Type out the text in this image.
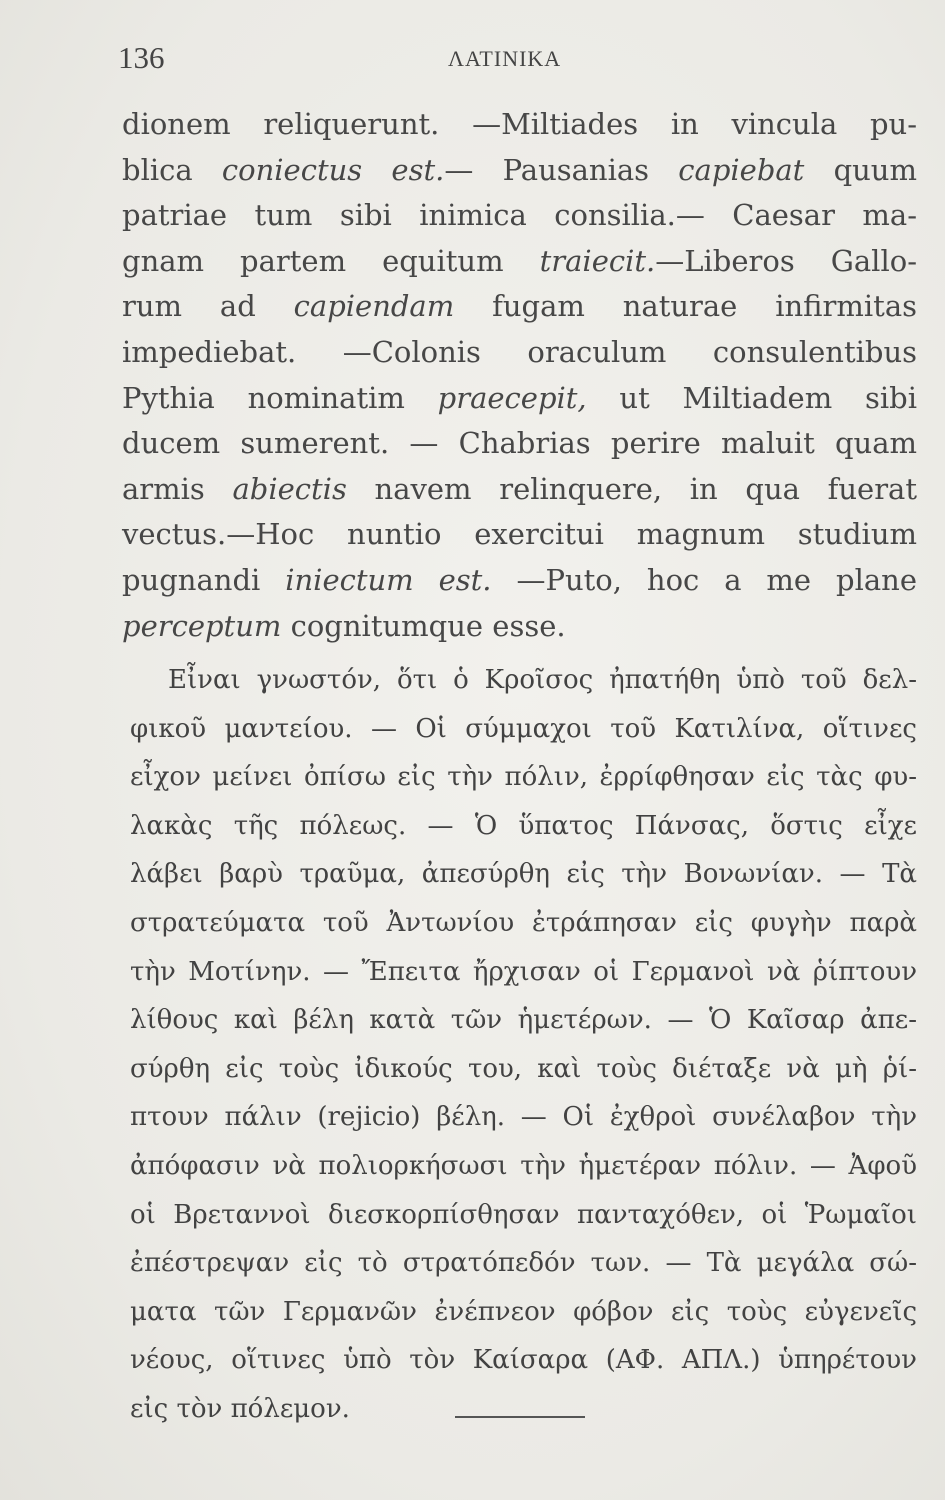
136	ΛΑΤΙΝΙΚΑ
dionem reliquerunt. —Miltiades in vincula pu-
blica coniectus est.— Pausanias capiebat quum
patriae tum sibi inimica consilia.— Caesar ma-
gnam partem equitum traiecit.—Liberos Gallo-
rum ad capiendam fugam naturae infirmitas
impediebat. —Colonis oraculum consulentibus
Pythia nominatim praecepit, ut Miltiadem sibi
ducem sumerent. — Chabrias perire maluit quam
armis abiectis navem relinquere, in qua fuerat
vectus.—Hoc nuntio exercitui magnum studium
pugnandi iniectum est. —Puto, hoc a me plane
perceptum cognitumque esse.
Εἶναι γνωστόν, ὅτι ὁ Κροῖσος ἠπατήθη ὑπὸ τοῦ δελ-
φικοῦ μαντείου. — Οἱ σύμμαχοι τοῦ Κατιλίνα, οἵτινες
εἶχον μείνει ὀπίσω εἰς τὴν πόλιν, ἐρρίφθησαν εἰς τὰς φυ-
λακὰς τῆς πόλεως. — Ὁ ὕπατος Πάνσας, ὅστις εἶχε
λάβει βαρὺ τραῦμα, ἀπεσύρθη εἰς τὴν Βονωνίαν. — Τὰ
στρατεύματα τοῦ Ἀντωνίου ἐτράπησαν εἰς φυγὴν παρὰ
τὴν Μοτίνην. — Ἔπειτα ἤρχισαν οἱ Γερμανοὶ νὰ ῥίπτουν
λίθους καὶ βέλη κατὰ τῶν ἡμετέρων. — Ὁ Καῖσαρ ἀπε-
σύρθη εἰς τοὺς ἰδικούς του, καὶ τοὺς διέταξε νὰ μὴ ῥί-
πτουν πάλιν (rejicio) βέλη. — Οἱ ἐχθροὶ συνέλαβον τὴν
ἀπόφασιν νὰ πολιορκήσωσι τὴν ἡμετέραν πόλιν. — Ἀφοῦ
οἱ Βρεταννοὶ διεσκορπίσθησαν πανταχόθεν, οἱ Ῥωμαῖοι
ἐπέστρεψαν εἰς τὸ στρατόπεδόν των. — Τὰ μεγάλα σώ-
ματα τῶν Γερμανῶν ἐνέπνεον φόβον εἰς τοὺς εὐγενεῖς
νέους, οἵτινες ὑπὸ τὸν Καίσαρα (ΑΦ. ΑΠΛ.) ὑπηρέτουν
εἰς τὸν πόλεμον.
